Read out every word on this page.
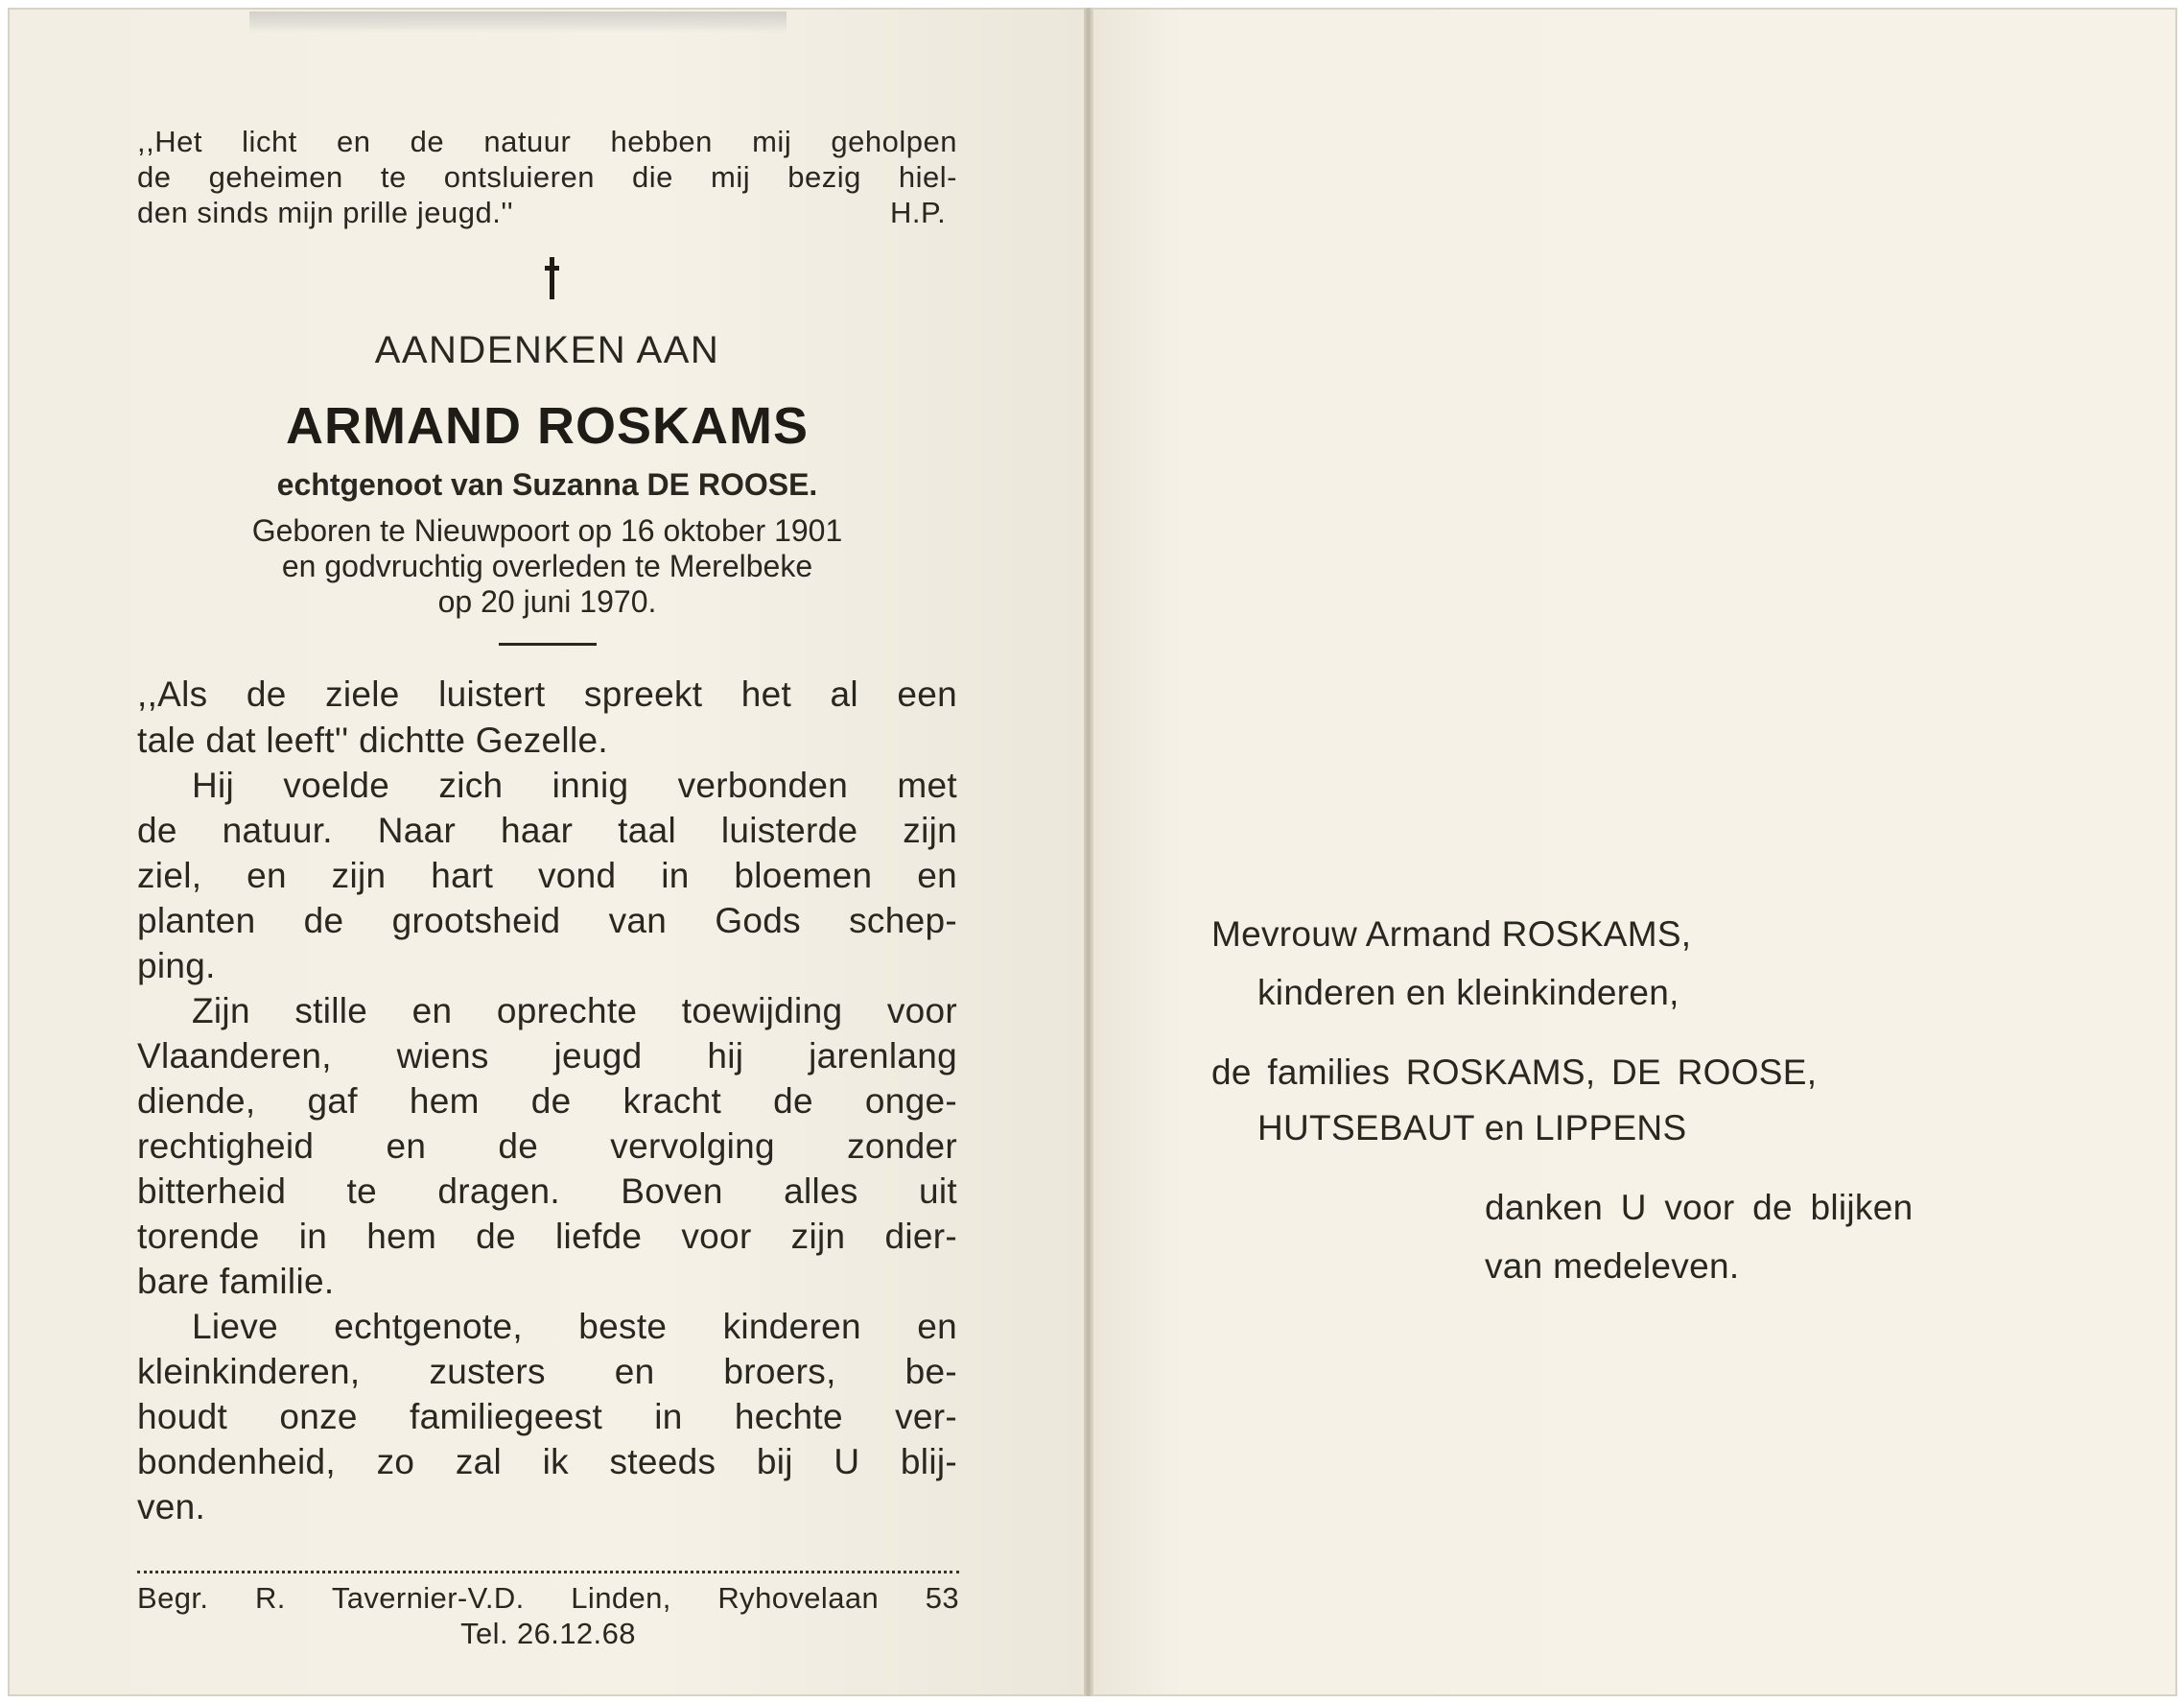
,,Het licht en de natuur hebben mij geholpen

de geheimen te ontsluieren die mij bezig hiel-

den sinds mijn prille jeugd.''	H.P.

AANDENKEN AAN

ARMAND ROSKAMS

echtgenoot van Suzanna DE ROOSE.

Geboren te Nieuwpoort op 16 oktober 1901

en godvruchtig overleden te Merelbeke

op 20 juni 1970.

,,Als de ziele luistert spreekt het al een

tale dat leeft'' dichtte Gezelle.

Hij voelde zich innig verbonden met

de natuur. Naar haar taal luisterde zijn

ziel, en zijn hart vond in bloemen en

planten de grootsheid van Gods schep-

ping.

Zijn stille en oprechte toewijding voor

Vlaanderen, wiens jeugd hij jarenlang

diende, gaf hem de kracht de onge-

rechtigheid en de vervolging zonder

bitterheid te dragen. Boven alles uit

torende in hem de liefde voor zijn dier-

bare familie.

Lieve echtgenote, beste kinderen en

kleinkinderen, zusters en broers, be-

houdt onze familiegeest in hechte ver-

bondenheid, zo zal ik steeds bij U blij-

ven.

Begr. R. Tavernier-V.D. Linden, Ryhovelaan 53

Tel. 26.12.68

Mevrouw Armand ROSKAMS,

kinderen en kleinkinderen,

de families ROSKAMS, DE ROOSE,

HUTSEBAUT en LIPPENS

danken U voor de blijken

van medeleven.
